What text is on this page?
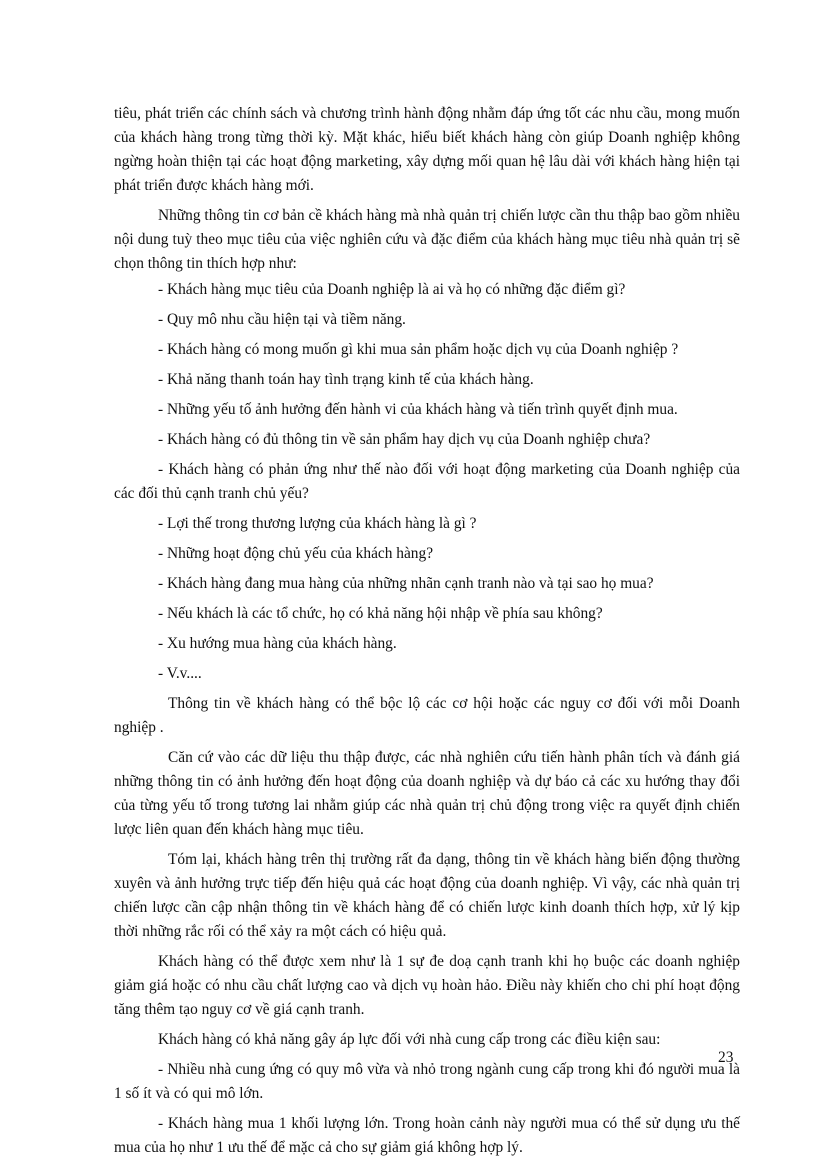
tiêu, phát triển các chính sách và chương trình hành động nhằm đáp ứng tốt các nhu cầu, mong muốn của khách hàng trong từng thời kỳ. Mặt khác, hiểu biết khách hàng còn giúp Doanh nghiệp không ngừng hoàn thiện tại các hoạt động marketing, xây dựng mối quan hệ lâu dài với khách hàng hiện tại phát triển được khách hàng mới.

Những thông tin cơ bản cề khách hàng mà nhà quản trị chiến lược cần thu thập bao gồm nhiều nội dung tuỳ theo mục tiêu của việc nghiên cứu và đặc điểm của khách hàng mục tiêu nhà quản trị sẽ chọn thông tin thích hợp như:

- Khách hàng mục tiêu của Doanh nghiệp là ai và họ có những đặc điểm gì?
- Quy mô nhu cầu hiện tại và tiềm năng.
- Khách hàng có mong muốn gì khi mua sản phẩm hoặc dịch vụ của Doanh nghiệp ?
- Khả năng thanh toán hay tình trạng kinh tế của khách hàng.
- Những yếu tố ảnh hưởng đến hành vi của khách hàng và tiến trình quyết định mua.
- Khách hàng có đủ thông tin về sản phẩm hay dịch vụ của Doanh nghiệp chưa?
- Khách hàng có phản ứng như thế nào đối với hoạt động marketing của Doanh nghiệp của các đối thủ cạnh tranh chủ yếu?
- Lợi thế trong thương lượng của khách hàng là gì ?
- Những hoạt động chủ yếu của khách hàng?
- Khách hàng đang mua hàng của những nhãn cạnh tranh nào và tại sao họ mua?
- Nếu khách là các tổ chức, họ có khả năng hội nhập về phía sau không?
- Xu hướng mua hàng của khách hàng.
- V.v....

Thông tin về khách hàng có thể bộc lộ các cơ hội hoặc các nguy cơ đối với mỗi Doanh nghiệp .

Căn cứ vào các dữ liệu thu thập được, các nhà nghiên cứu tiến hành phân tích và đánh giá những thông tin có ảnh hưởng đến hoạt động của doanh nghiệp và dự báo cả các xu hướng thay đổi của từng yếu tố trong tương lai nhằm giúp các nhà quản trị chủ động trong việc ra quyết định chiến lược liên quan đến khách hàng mục tiêu.

Tóm lại, khách hàng trên thị trường rất đa dạng, thông tin về khách hàng biến động thường xuyên và ảnh hưởng trực tiếp đến hiệu quả các hoạt động của doanh nghiệp. Vì vậy, các nhà quản trị chiến lược cần cập nhận thông tin về khách hàng để có chiến lược kinh doanh thích hợp, xử lý kịp thời những rắc rối có thể xảy ra một cách có hiệu quả.

Khách hàng có thể được xem như là 1 sự đe doạ cạnh tranh khi họ buộc các doanh nghiệp giảm giá hoặc có nhu cầu chất lượng cao và dịch vụ hoàn hảo. Điều này khiến cho chi phí hoạt động tăng thêm tạo nguy cơ về giá cạnh tranh.

Khách hàng có khả năng gây áp lực đối với nhà cung cấp trong các điều kiện sau:

- Nhiều nhà cung ứng có quy mô vừa và nhỏ trong ngành cung cấp trong khi đó người mua là 1 số ít và có qui mô lớn.
- Khách hàng mua 1 khối lượng lớn. Trong hoàn cảnh này người mua có thể sử dụng ưu thế mua của họ như 1 ưu thế để mặc cả cho sự giảm giá không hợp lý.
23
